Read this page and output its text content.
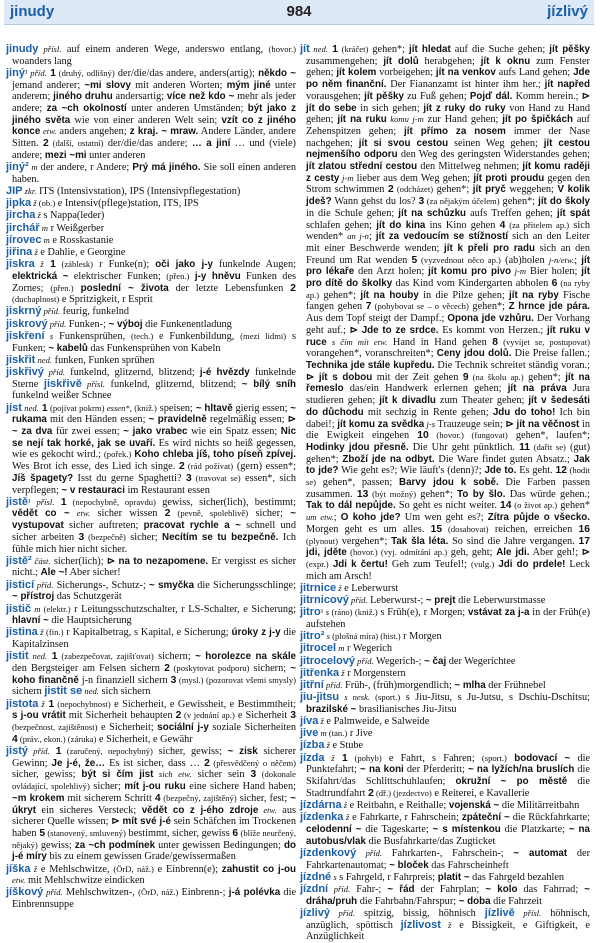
jinudy	984	jízlivý
jinudy přísl. auf einem anderen Wege, anderswo entlang, (hovor.) woanders lang
jiný¹ příd. 1 (druhý, odlišný) der/die/das andere, anders(artig); někdo ~ jemand anderer; ~mi slovy mit anderen Worten; mým jiné unter anderem; jiného druhu andersartig; více než kdo ~ mehr als jeder andere; za ~ch okolností unter anderen Umständen; být jako z jiného světa wie von einer anderen Welt sein; vzít co z jiného konce etw. anders angehen; z kraj. ~ mraw. Andere Länder, andere Sitten. 2 (další, ostatní) der/die/das andere; … a jiní … und (viele) andere; mezi ~mi unter anderen
jiný² m der andere, r Andere; Prý má jiného. Sie soll einen anderen haben.
JIP zkr. ITS (Intensivstation), IPS (Intensivpflegestation)
jipka ž (ob.) e Intensiv(pflege)station, ITS, IPS
jircha ž s Nappa(leder)
jirchář m r Weißgerber
jírovec m e Rosskastanie
jiřina ž e Dahlie, e Georgine
jiskra ž 1 (záblesk) r Funke(n); oči jako j-y funkelnde Augen; elektrická ~ elektrischer Funken; (přen.) j-y hněvu Funken des Zornes; (přen.) poslední ~ života der letzte Lebensfunken 2 (duchaplnost) e Spritzigkeit, r Esprit
jiskrný příd. feurig, funkelnd
jiskrový příd. Funken-; ~ výboj die Funkenentladung
jiskření s Funkensprühen, (tech.) e Funkenbildung, (mezi lidmi) s Funken; ~ kabelů das Funkensprühen von Kabeln
jiskřit ned. funken, Funken sprühen
jiskřivý příd. funkelnd, glitzernd, blitzend; j-é hvězdy funkelnde Sterne jiskřivě přísl. funkelnd, glitzernd, blitzend; ~ bílý sníh funkelnd weißer Schnee
jíst ned. 1 (pojívat pokrm) essen*, (kniž.) speisen; ~ hltavě gierig essen; ~ rukama mit den Händen essen; ~ pravidelně regelmäßig essen; ⊳ ~ za dva für zwei essen; ~ jako vrabec wie ein Spatz essen; Nic se nejí tak horké, jak se uvaří. Es wird nichts so heiß gegessen, wie es gekocht wird.; (pořek.) Koho chleba jíš, toho píseň zpívej. Wes Brot ich esse, des Lied ich singe. 2 (rád požívat) (gern) essen*; Jíš špagety? Isst du gerne Spaghetti? 3 (travovat se) essen*, sich verpflegen; ~ v restauraci im Restaurant essen
jistě¹ přísl. 1 (nepochybně, opravdu) gewiss, sicher(lich), bestimmt; vědět co ~ etw. sicher wissen 2 (pevně, spolehlivě) sicher; ~ vystupovat sicher auftreten; pracovat rychle a ~ schnell und sicher arbeiten 3 (bezpečně) sicher; Necítím se tu bezpečně. Ich fühle mich hier nicht sicher.
jistě² část. sicher(lich); ⊳ na to nezapomene. Er vergisst es sicher nicht.; Ale ~! Aber sicher!
jisticí příd. Sicherungs-, Schutz-; ~ smyčka die Sicherungsschlinge; ~ přístroj das Schutzgerät
jistič m (elektr.) r Leitungsschutzschalter, r LS-Schalter, e Sicherung; hlavní ~ die Hauptsicherung
jistina ž (fin.) r Kapitalbetrag, s Kapital, e Sicherung; úroky z j-y die Kapitalzinsen
jistit ned. 1 (zabezpečovat, zajišťovat) sichern; ~ horolezce na skále den Bergsteiger am Felsen sichern 2 (poskytovat podporu) sichern; ~ koho finančně j-n finanziell sichern 3 (mysl.) (pozorovat všemi smysly) sichern jistit se ned. sich sichern
jistota ž 1 (nepochybnost) e Sicherheit, e Gewissheit, e Bestimmtheit; s j-ou vrátit mit Sicherheit behaupten 2 (v jednání ap.) e Sicherheit 3 (bezpečnost, zajištěnost) e Sicherheit; sociální j-y soziale Sicherheiten 4 (práv., ekon.) (záruka) e Sicherheit, e Gewähr
jistý příd. 1 (zaručený, nepochybný) sicher, gewiss; ~ zisk sicherer Gewinn; Je j-é, že… Es ist sicher, dass … 2 (přesvědčený o něčem) sicher, gewiss; být si čím jist sich etw. sicher sein 3 (dokonale ovládající, spolehlivý) sicher; mít j-ou ruku eine sichere Hand haben; ~m krokem mit sicherem Schritt 4 (bezpečný, zajištěný) sicher, fest; ~ úkryt ein sicheres Versteck; vědět co z j-ého zdroje etw. aus sicherer Quelle wissen; ⊳ mít své j-é sein Schäfchen im Trockenen haben 5 (stanovený, smluvený) bestimmt, sicher, gewiss 6 (blíže neurčený, nějaký) gewiss; za ~ch podmínek unter gewissen Bedingungen; do j-é míry bis zu einem gewissen Grade/gewissermaßen
jíška ž e Mehlschwitze, (ÖrD, náž.) e Einbrenn(e); zahustit co j-ou etw. mit Mehlschwitze eindicken
jíškový příd. Mehlschwitzen-, (ÖrD, náž.) Einbrenn-; j-á polévka die Einbrennsuppe
jít ned. 1 (kráčet) gehen*; jít hledat auf die Suche gehen; jít pěšky zusammengehen; jít dolů herabgehen; jít k oknu zum Fenster gehen; jít kolem vorbeigehen; jít na venkov aufs Land gehen; Jde po něm finanční. Der Fiananzamt ist hinter ihm her.; jít napřed vorausgehen; jít pěšky zu Fuß gehen; Pojď dál. Komm herein.; ⊳ jít do sebe in sich gehen; jít z ruky do ruky von Hand zu Hand gehen; jít na ruku komu j-m zur Hand gehen; jít po špičkách auf Zehenspitzen gehen; jít přímo za nosem immer der Nase nachgehen; jít si svou cestou seinen Weg gehen; jít cestou nejmenšího odporu den Weg des geringsten Widerstandes gehen; jít zlatou střední cestou den Mittelweg nehmen; jít komu raději z cesty j-m lieber aus dem Weg gehen; jít proti proudu gegen den Strom schwimmen 2 (odcházet) gehen*; jít pryč weggehen; V kolik jdeš? Wann gehst du los? 3 (za nějakým účelem) gehen*; jít do školy in die Schule gehen; jít na schůzku aufs Treffen gehen; jít spát schlafen gehen; jít do kina ins Kino gehen 4 (za přítelem ap.) sich wenden* an j-n; jít za vedoucím se stížností sich an den Leiter mit einer Beschwerde wenden; jít k přeli pro radu sich an den Freund um Rat wenden 5 (vyzvednout něco ap.) (ab)holen j-n/etw.; jít pro lékaře den Arzt holen; jít komu pro pivo j-m Bier holen; jít pro dítě do školky das Kind vom Kindergarten abholen 6 (na ryby ap.) gehen*; jít na houby in die Pilze gehen; jít na ryby Fische fangen gehen 7 (pohybovat se – o věcech) gehen*; Z hrnce jde pára. Aus dem Topf steigt der Dampf.; Opona jde vzhůru. Der Vorhang geht auf.; ⊳ Jde to ze srdce. Es kommt von Herzen.; jít ruku v ruce s čím mít etw. Hand in Hand gehen 8 (vyvíjet se, postupovat) vorangehen*, voranschreiten*; Ceny jdou dolů. Die Preise fallen.; Technika jde stále kupředu. Die Technik schreitet ständig voran.; ⊳ jít s dobou mit der Zeit gehen 9 (na školu ap.) gehen*; jít na řemeslo das/ein Handwerk erlernen gehen; jít na práva Jura studieren gehen; jít k divadlu zum Theater gehen; jít v šedesáti do důchodu mit sechzig in Rente gehen; Jdu do toho! Ich bin dabei!; jít komu za svědka j-s Trauzeuge sein; ⊳ jít na věčnost in die Ewigkeit eingehen 10 (hovor.) (fungovat) gehen*, laufen*; Hodinky jdou přesně. Die Uhr geht pünktlich. 11 (dařit se) (gut) gehen*; Zboží jde na odbyt. Die Ware findet guten Absatz.; Jak to jde? Wie geht es?; Wie läuft's (denn)?; Jde to. Es geht. 12 (hodit se) gehen*, passen; Barvy jdou k sobě. Die Farben passen zusammen. 13 (být možný) gehen*; To by šlo. Das würde gehen.; Tak to dál nepůjde. So geht es nicht weiter. 14 (o život ap.) gehen* um etw.; O koho jde? Um wen geht es?; Zítra půjde o všecko. Morgen geht es um alles. 15 (dosahovat) reichen, erreichen 16 (plynout) vergehen*; Tak šla léta. So sind die Jahre vergangen. 17 jdi, jděte (hovor.) (vyj. odmítání ap.) geh, geht; Ale jdi. Aber geh!; ⊳ (expr.) Jdi k čertu! Geh zum Teufel!; (vulg.) Jdi do prdele! Leck mich am Arsch!
jitrnice ž e Leberwurst
jitrnicový příd. Leberwurst-; ~ prejt die Leberwurstmasse
jitro¹ s (ráno) (kniž.) s Früh(e), r Morgen; vstávat za j-a in der Früh(e) aufstehen
jitro² s (plošná míra) (hist.) r Morgen
jitrocel m r Wegerich
jitrocelový příd. Wegerich-; ~ čaj der Wegerichtee
jitřenka ž r Morgenstern
jitřní příd. Früh-, (früh)morgendlich; ~ mlha der Frühnebel
jiu-jitsu s nesk. (sport.) s Jiu-Jitsu, s Ju-Jutsu, s Dschiu-Dschitsu; brazilské ~ brasilianisches Jiu-Jitsu
jíva ž e Palmweide, e Salweide
jive m (tan.) r Jive
jízba ž e Stube
jízda ž 1 (pohyb) e Fahrt, s Fahren; (sport.) bodovací ~ die Punktefahrt; ~ na koni der Pferderitt; ~ na lyžích/na bruslích die Skifahrt/das Schlittschuhlaufen; okružní ~ po městě die Stadtrundfahrt 2 (dř.) (jezdectvo) e Reiterei, e Kavallerie
jízdárna ž e Reitbahn, e Reithalle; vojenská ~ die Militärreitbahn
jízdenka ž e Fahrkarte, r Fahrschein; zpáteční ~ die Rückfahrkarte; celodenní ~ die Tageskarte; ~ s místenkou die Platzkarte; ~ na autobus/vlak die Busfahrkarte/das Zugticket
jízdenkový příd. Fahrkarten-, Fahrschein-; ~ automat der Fahrkartenautomat; ~ bloček das Fahrscheinheft
jízdné s s Fahrgeld, r Fahrpreis; platit ~ das Fahrgeld bezahlen
jízdní příd. Fahr-; ~ řád der Fahrplan; ~ kolo das Fahrrad; ~ dráha/pruh die Fahrbahn/Fahrspur; ~ doba die Fahrzeit
jízlivý příd. spitzig, bissig, höhnisch jízlivě přísl. höhnisch, anzüglich, spöttisch jízlivost ž e Bissigkeit, e Giftigkeit, e Anzüglichkeit
